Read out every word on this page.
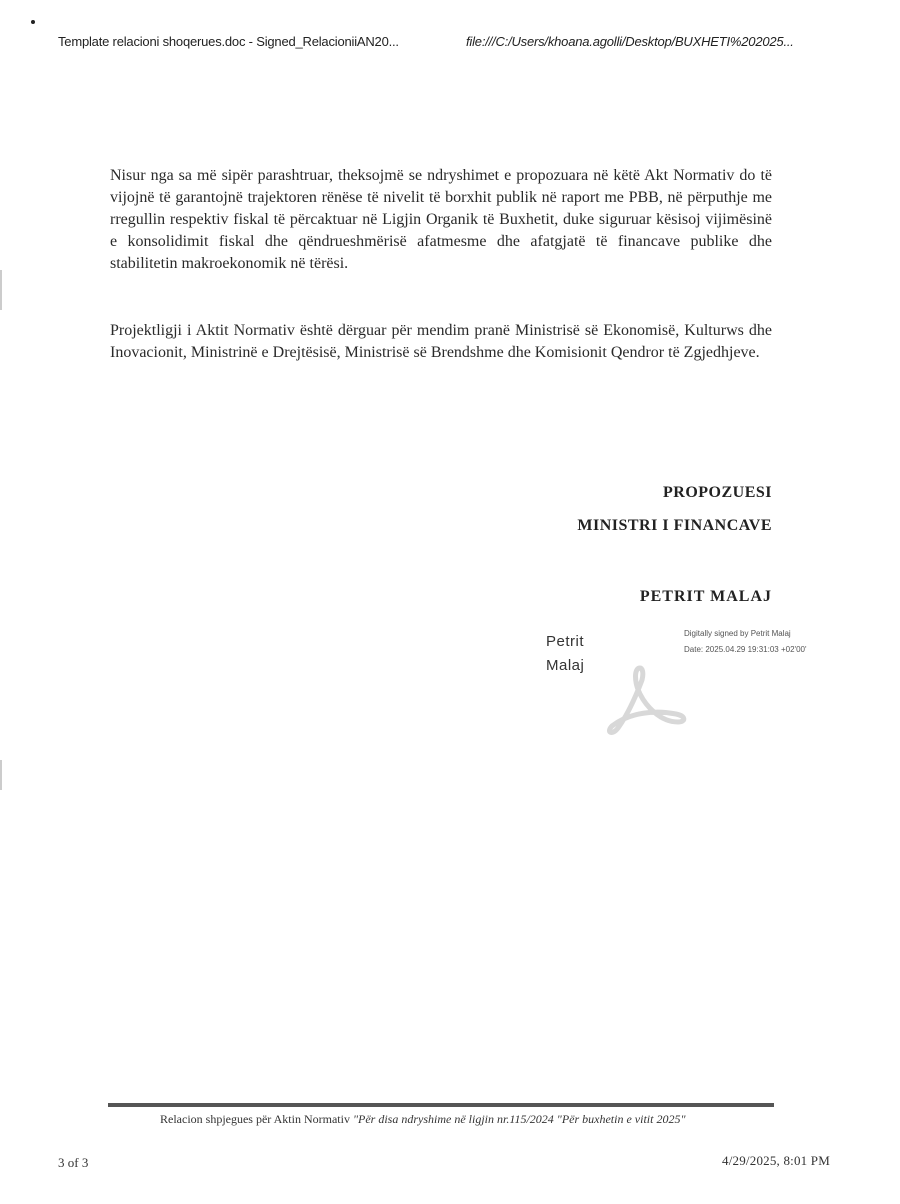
Template relacioni shoqerues.doc - Signed_RelacioniiAN20...	file:///C:/Users/khoana.agolli/Desktop/BUXHETI%202025...
Nisur nga sa më sipër parashtruar, theksojmë se ndryshimet e propozuara në këtë Akt Normativ do të vijojnë të garantojnë trajektoren rënëse të nivelit të borxhit publik në raport me PBB, në përputhje me rregullin respektiv fiskal të përcaktuar në Ligjin Organik të Buxhetit, duke siguruar kësisoj vijimësinë e konsolidimit fiskal dhe qëndrueshmërisë afatmesme dhe afatgjatë të financave publike dhe stabilitetin makroekonomik në tërësi.
Projektligji i Aktit Normativ është dërguar për mendim pranë Ministrisë së Ekonomisë, Kulturws dhe Inovacionit, Ministrinë e Drejtësisë, Ministrisë së Brendshme dhe Komisionit Qendror të Zgjedhjeve.
PROPOZUESI
MINISTRI I FINANCAVE
PETRIT MALAJ
Petrit
Malaj
Digitally signed by Petrit Malaj
Date: 2025.04.29 19:31:03 +02'00'
Relacion shpjegues për Aktin Normativ "Për disa ndryshime në ligjin nr.115/2024 "Për buxhetin e vitit 2025"
3 of 3	4/29/2025, 8:01 PM
